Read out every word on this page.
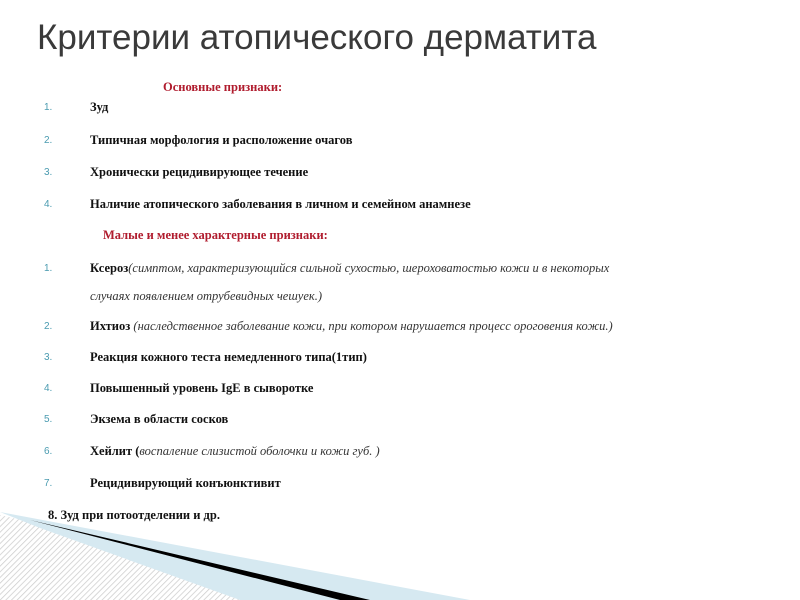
Критерии атопического дерматита
Основные признаки:
1.	Зуд
2.	Типичная морфология и расположение очагов
3.	Хронически рецидивирующее течение
4.	Наличие атопического заболевания в личном и семейном анамнезе
Малые и менее характерные признаки:
1.	Ксероз(симптом, характеризующийся сильной сухостью, шероховатостью кожи и в некоторых
случаях появлением отрубевидных чешуек.)
2.	Ихтиоз (наследственное заболевание кожи, при котором нарушается процесс ороговения кожи.)
3.	Реакция кожного теста немедленного типа(1тип)
4.	Повышенный уровень IgE в сыворотке
5.	Экзема в области сосков
6.	Хейлит (воспаление слизистой оболочки и кожи губ. )
7.	Рецидивирующий конъюнктивит
8. Зуд при потоотделении и др.
